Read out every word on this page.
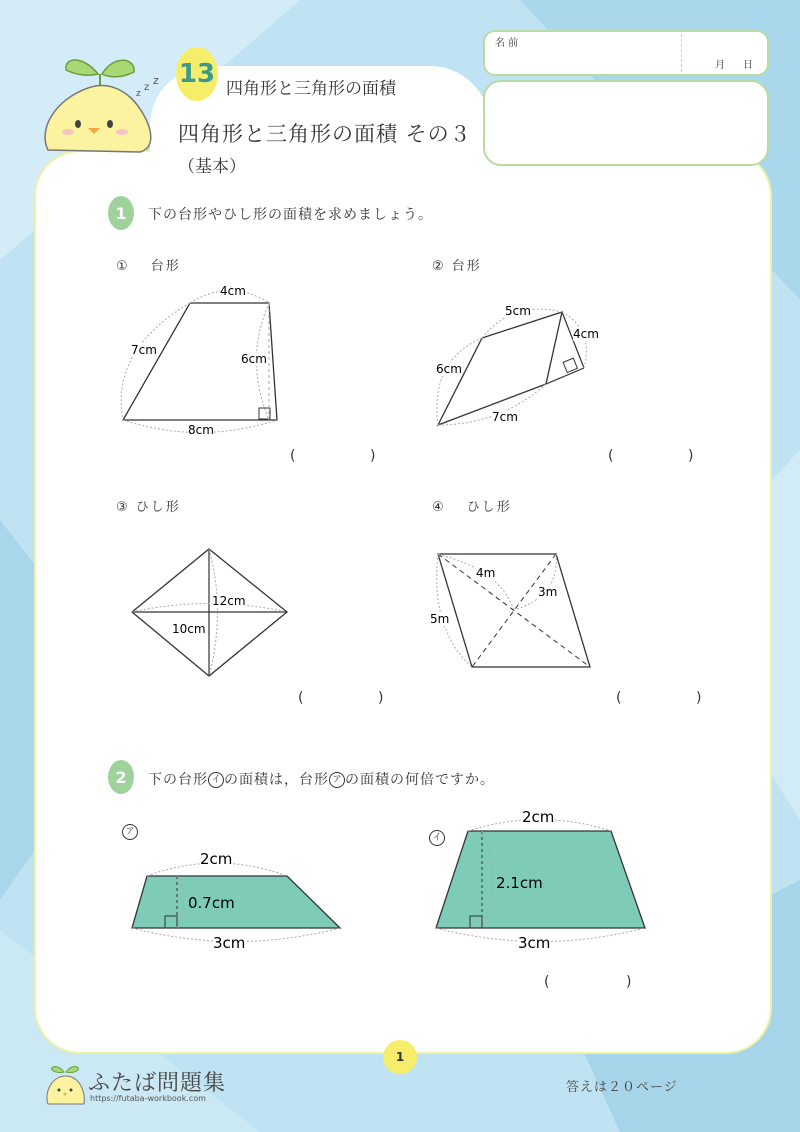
z
z
z 13 四角形と三角形の面積
四角形と三角形の面積 その３
（基本）
名 前
月 日
1	下の台形やひし形の面積を求めましょう。
①　 台形	② 台形
③ ひし形	④ 　ひし形
4cm
7cm
6cm
8cm
5cm
4cm
6cm
7cm
12cm
10cm
4m
3m
5m
(	)	(	)
(	)	(	)
2	下の台形 イ の面積は，台形 ア の面積の何倍ですか。
ア
2cm
0.7cm
3cm
イ
2cm
2.1cm
3cm
(	)
1
ふたば問題集
https://futaba-workbook.com
答えは２０ページ
